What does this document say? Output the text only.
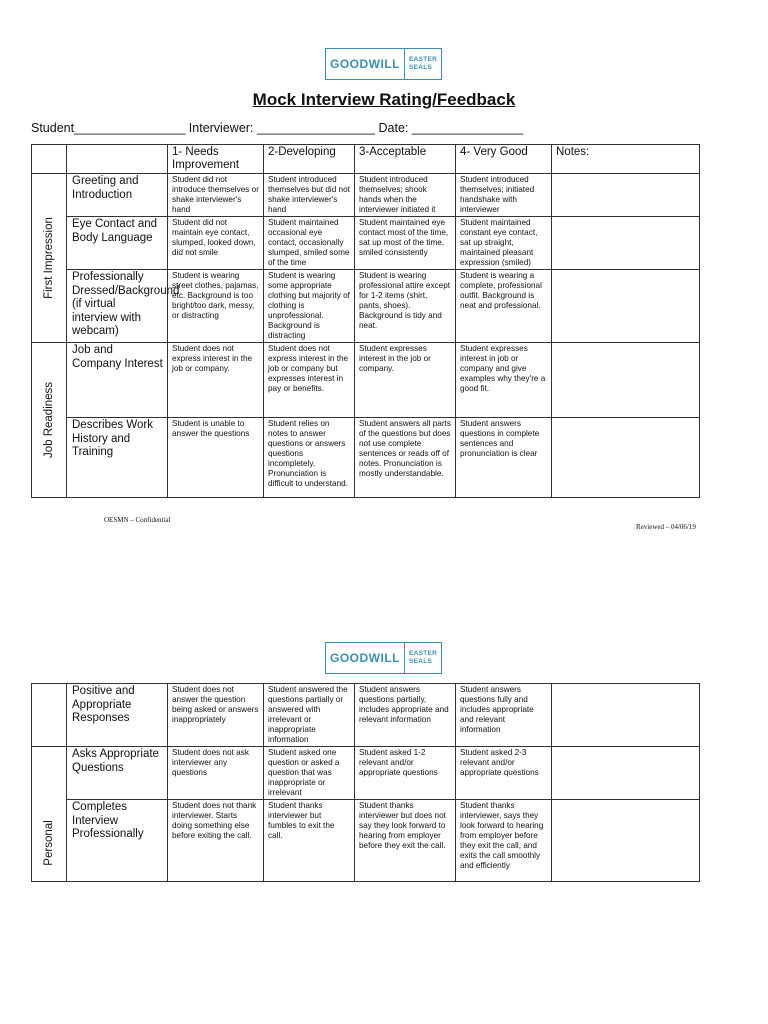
GOODWILL	EASTER
SEALS
Mock Interview Rating/Feedback
Student________________ Interviewer: _________________ Date: ________________
		1- Needs Improvement	2-Developing	3-Acceptable	4- Very Good	Notes:

First Impression	Greeting and Introduction	Student did not introduce themselves or shake interviewer's hand	Student introduced themselves but did not shake interviewer's hand	Student introduced themselves; shook hands when the interviewer initiated it	Student introduced themselves; initiated handshake with interviewer	
	Eye Contact and Body Language	Student did not maintain eye contact, slumped, looked down, did not smile	Student maintained occasional eye contact, occasionally slumped, smiled some of the time	Student maintained eye contact most of the time, sat up most of the time, smiled consistently	Student maintained constant eye contact, sat up straight, maintained pleasant expression (smiled)	
	Professionally Dressed/Background (if virtual interview with webcam)	Student is wearing street clothes, pajamas, etc. Background is too bright/too dark, messy, or distracting	Student is wearing some appropriate clothing but majority of clothing is unprofessional. Background is distracting	Student is wearing professional attire except for 1-2 items (shirt, pants, shoes). Background is tidy and neat.	Student is wearing a complete, professional outfit. Background is neat and professional.	

Job Readiness	Job and Company Interest	Student does not express interest in the job or company.	Student does not express interest in the job or company but expresses interest in pay or benefits.	Student expresses interest in the job or company.	Student expresses interest in job or company and give examples why they're a good fit.	
	Describes Work History and Training	Student is unable to answer the questions	Student relies on notes to answer questions or answers questions incompletely. Pronunciation is difficult to understand.	Student answers all parts of the questions but does not use complete sentences or reads off of notes. Pronunciation is mostly understandable.	Student answers questions in complete sentences and pronunciation is clear	
OESMN – Confidential
Reviewed – 04/06/19
GOODWILL	EASTER
SEALS
	Positive and Appropriate Responses	Student does not answer the question being asked or answers inappropriately	Student answered the questions partially or answered with irrelevant or inappropriate information	Student answers questions partially, includes appropriate and relevant information	Student answers questions fully and includes appropriate and relevant information	

Personal	Asks Appropriate Questions	Student does not ask interviewer any questions	Student asked one question or asked a question that was inappropriate or irrelevant	Student asked 1-2 relevant and/or appropriate questions	Student asked 2-3 relevant and/or appropriate questions	
	Completes Interview Professionally	Student does not thank interviewer. Starts doing something else before exiting the call.	Student thanks interviewer but fumbles to exit the call.	Student thanks interviewer but does not say they look forward to hearing from employer before they exit the call.	Student thanks interviewer, says they look forward to hearing from employer before they exit the call, and exits the call smoothly and efficiently	
